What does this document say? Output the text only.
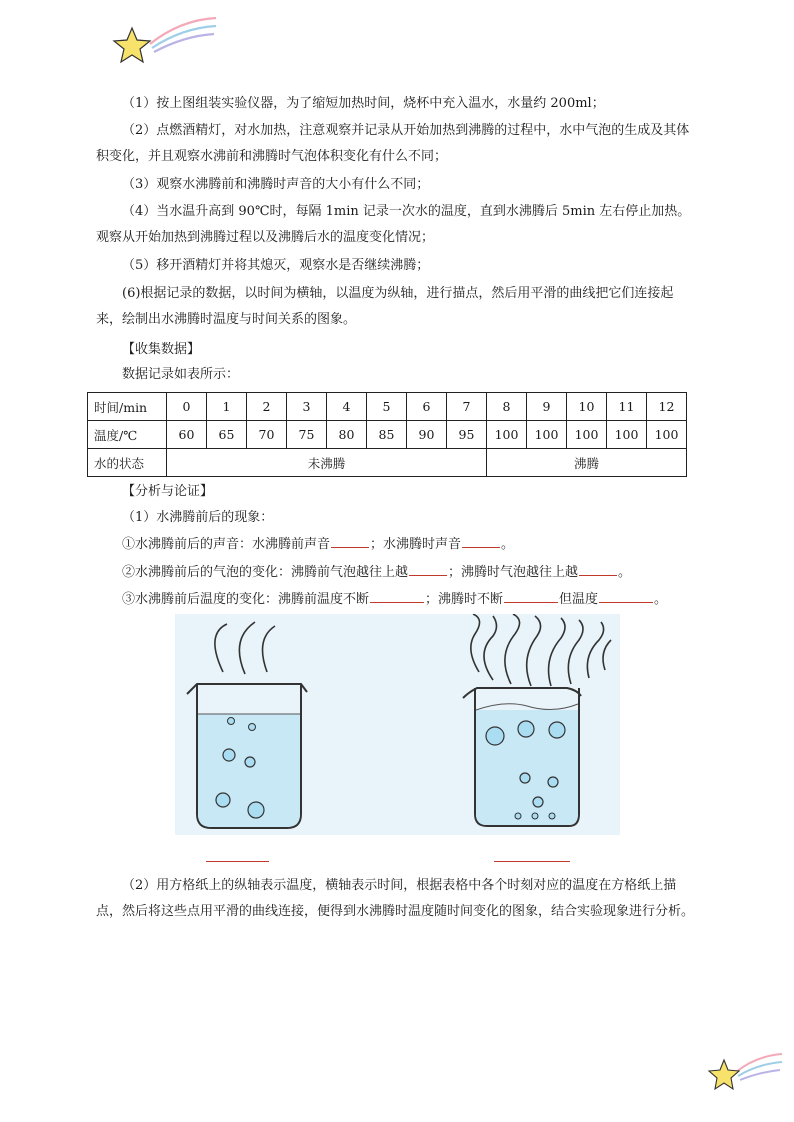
（1）按上图组装实验仪器，为了缩短加热时间，烧杯中充入温水，水量约 200ml；
（2）点燃酒精灯，对水加热，注意观察并记录从开始加热到沸腾的过程中，水中气泡的生成及其体积变化，并且观察水沸前和沸腾时气泡体积变化有什么不同；
（3）观察水沸腾前和沸腾时声音的大小有什么不同；
（4）当水温升高到 90℃时，每隔 1min 记录一次水的温度，直到水沸腾后 5min 左右停止加热。观察从开始加热到沸腾过程以及沸腾后水的温度变化情况；
（5）移开酒精灯并将其熄灭，观察水是否继续沸腾；
(6)根据记录的数据，以时间为横轴，以温度为纵轴，进行描点，然后用平滑的曲线把它们连接起来，绘制出水沸腾时温度与时间关系的图象。
【收集数据】
数据记录如表所示：
时间/min	0	1	2	3	4	5	6	7	8	9	10	11	12
温度/℃	60	65	70	75	80	85	90	95	100	100	100	100	100
水的状态	未沸腾								沸腾				
【分析与论证】
（1）水沸腾前后的现象：
①水沸腾前后的声音：水沸腾前声音	；水沸腾时声音	。
②水沸腾前后的气泡的变化：沸腾前气泡越往上越	；沸腾时气泡越往上越	。
③水沸腾前后温度的变化：沸腾前温度不断	；沸腾时不断	但温度	。
（2）用方格纸上的纵轴表示温度，横轴表示时间，根据表格中各个时刻对应的温度在方格纸上描点，然后将这些点用平滑的曲线连接，便得到水沸腾时温度随时间变化的图象，结合实验现象进行分析。
